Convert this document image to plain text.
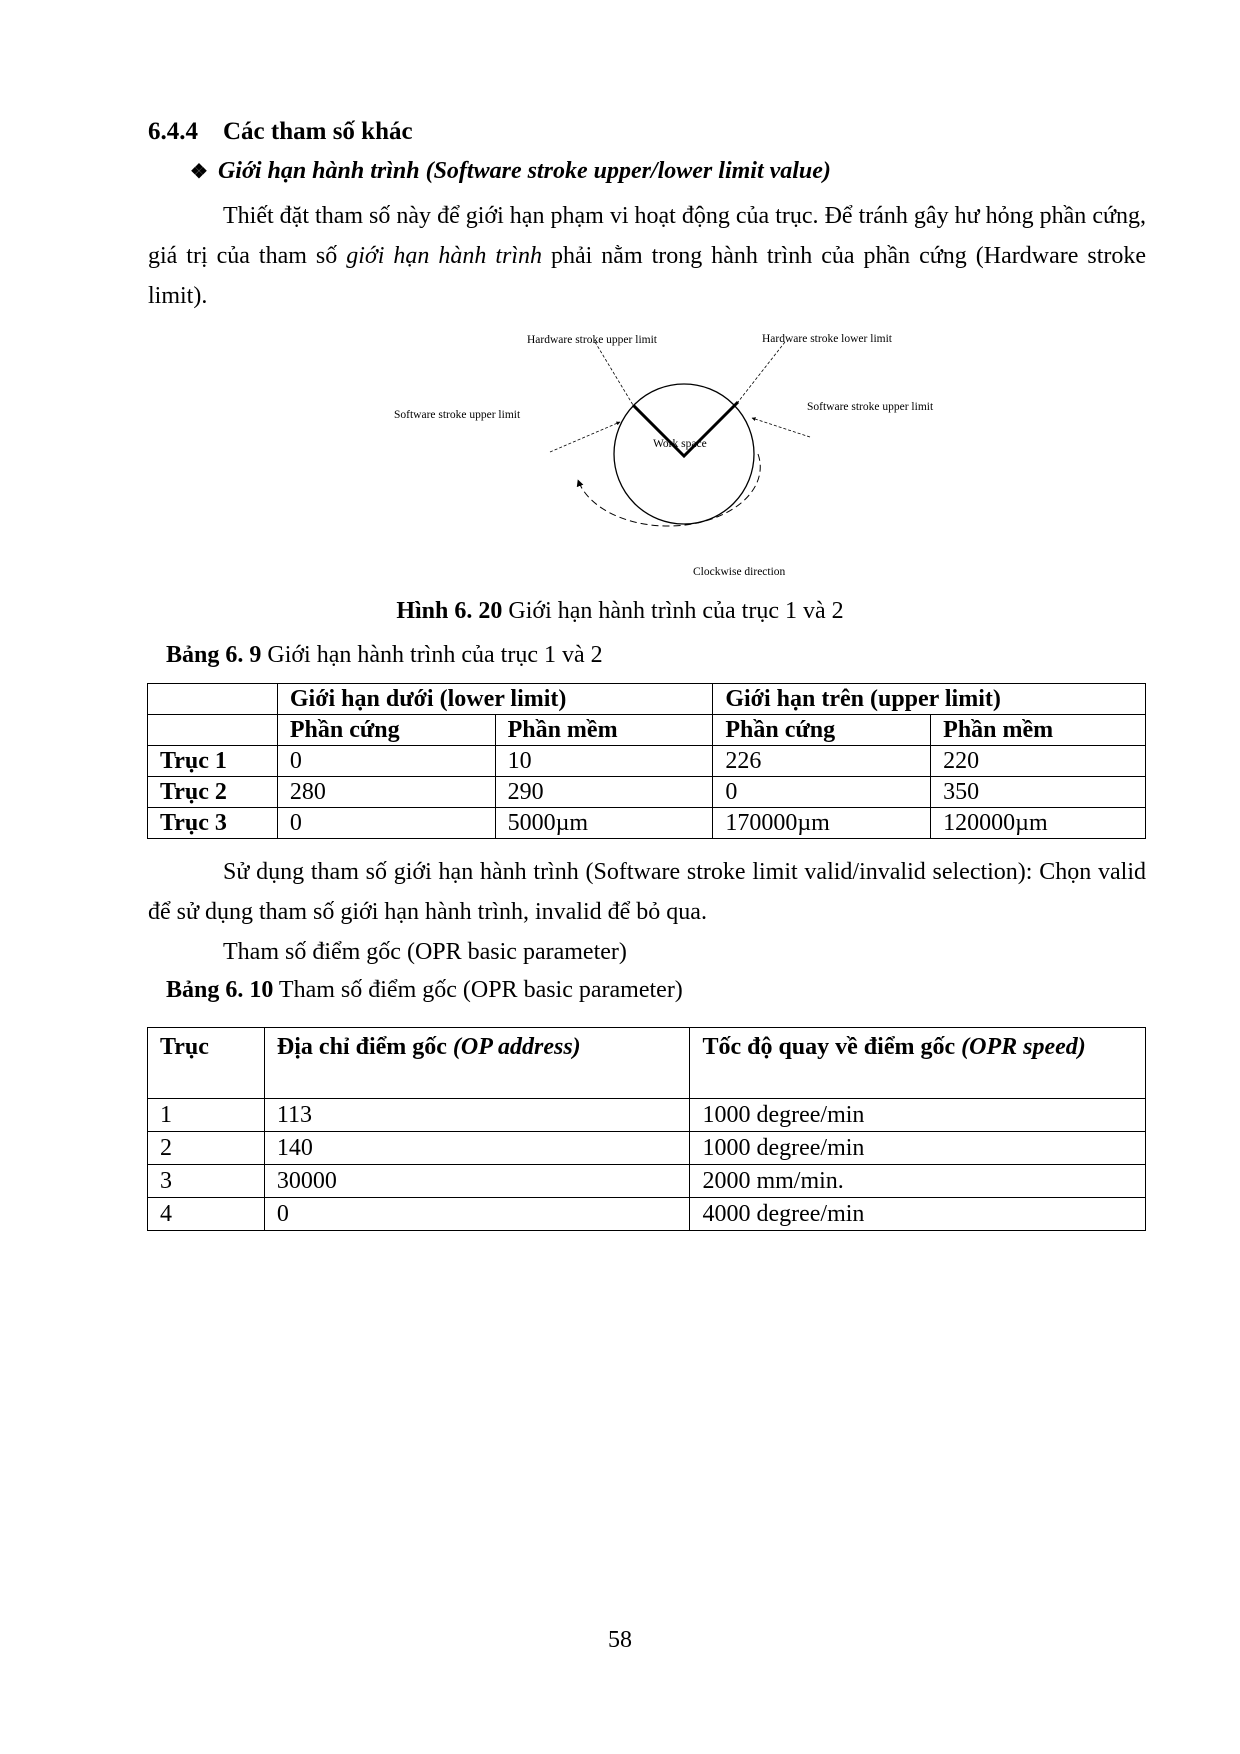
6.4.4 Các tham số khác
❖ Giới hạn hành trình (Software stroke upper/lower limit value)

Thiết đặt tham số này để giới hạn phạm vi hoạt động của trục. Để tránh gây hư hỏng phần cứng, giá trị của tham số giới hạn hành trình phải nằm trong hành trình của phần cứng (Hardware stroke limit).

Hardware stroke upper limit	Hardware stroke lower limit
Software stroke upper limit
Software stroke upper limit
Work space
Clockwise direction
Hình 6. 20 Giới hạn hành trình của trục 1 và 2
Bảng 6. 9 Giới hạn hành trình của trục 1 và 2
	Giới hạn dưới (lower limit)		Giới hạn trên (upper limit)	
	Phần cứng	Phần mềm	Phần cứng	Phần mềm
Trục 1	0	10	226	220
Trục 2	280	290	0	350
Trục 3	0	5000µm	170000µm	120000µm

Sử dụng tham số giới hạn hành trình (Software stroke limit valid/invalid selection): Chọn valid để sử dụng tham số giới hạn hành trình, invalid để bỏ qua.

Tham số điểm gốc (OPR basic parameter)

Bảng 6. 10 Tham số điểm gốc (OPR basic parameter)
Trục	Địa chỉ điểm gốc (OP address)	Tốc độ quay về điểm gốc (OPR speed)
1	113	1000 degree/min
2	140	1000 degree/min
3	30000	2000 mm/min.
4	0	4000 degree/min
58
